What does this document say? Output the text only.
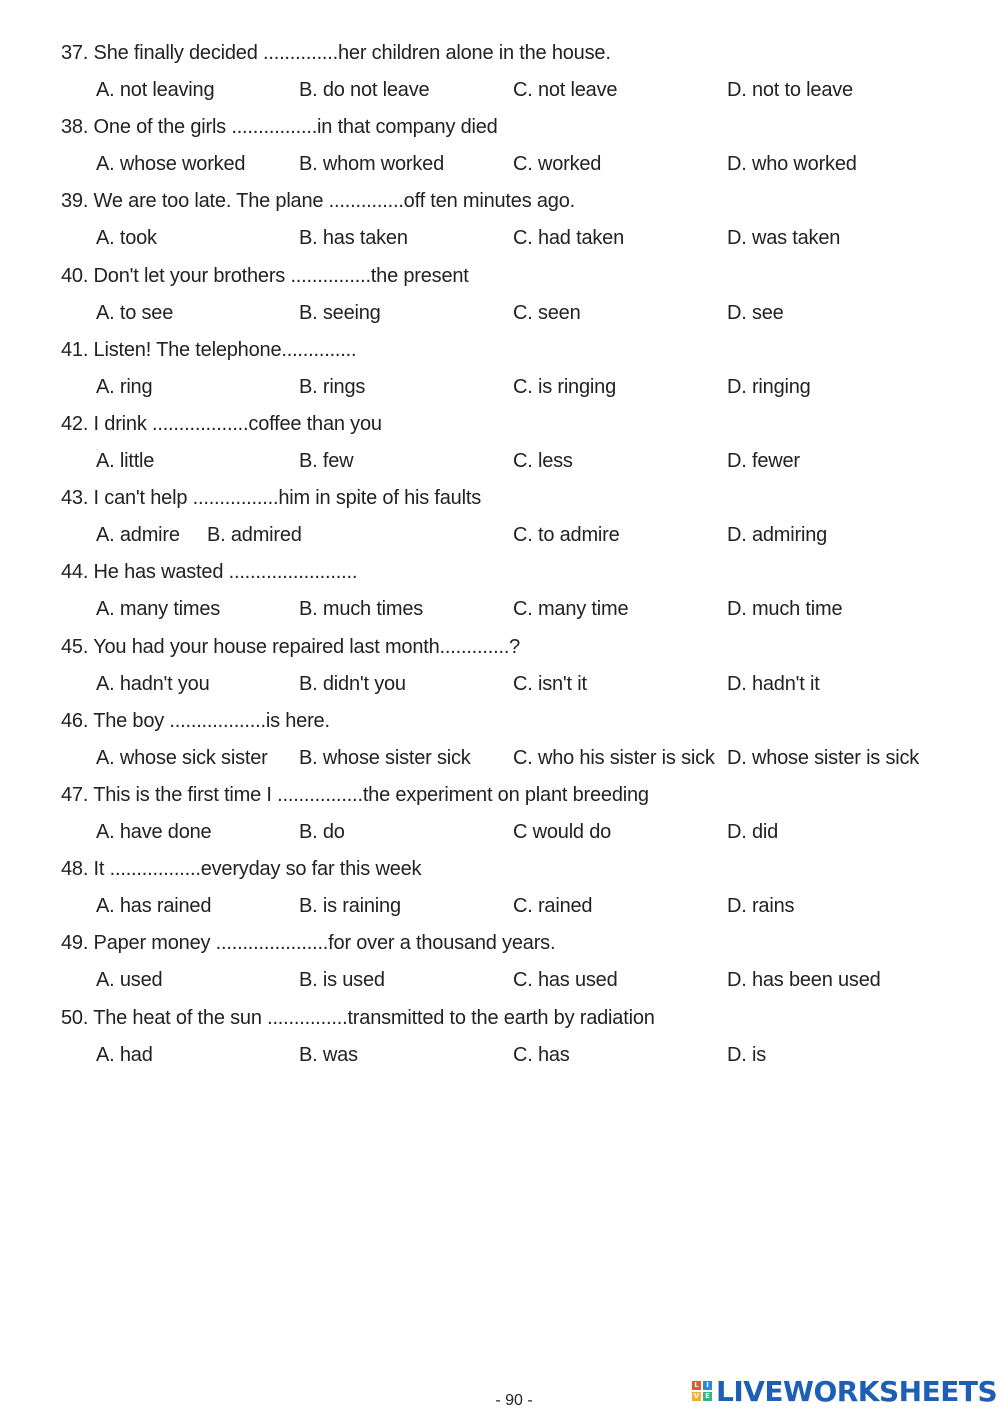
37. She finally decided ..............her children alone in the house.
A. not leaving	B. do not leave	C. not leave	D. not to leave
38. One of the girls ................in that company died
A. whose worked	B. whom worked	C. worked	D. who worked
39. We are too late. The plane ..............off ten minutes ago.
A. took	B. has taken	C. had taken	D. was taken
40. Don't let your brothers ...............the present
A. to see	B. seeing	C. seen	D. see
41. Listen! The telephone..............
A. ring	B. rings	C. is ringing	D. ringing
42. I drink ..................coffee than you
A. little	B. few	C. less	D. fewer
43. I can't help ................him in spite of his faults
A. admire B. admired	C. to admire	D. admiring
44. He has wasted ........................
A. many times	B. much times	C. many time	D. much time
45. You had your house repaired last month.............?
A. hadn't you	B. didn't you	C. isn't it	D. hadn't it
46. The boy ..................is here.
A. whose sick sister B. whose sister sick C. who his sister is sick D. whose sister is sick
47. This is the first time I ................the experiment on plant breeding
A. have done	B. do	C would do	D. did
48. It .................everyday so far this week
A. has rained	B. is raining	C. rained	D. rains
49. Paper money .....................for over a thousand years.
A. used	B. is used	C. has used	D. has been used
50. The heat of the sun ...............transmitted to the earth by radiation
A. had	B. was	C. has	D. is
- 90 -
L	I
V E LIVEWORKSHEETS
